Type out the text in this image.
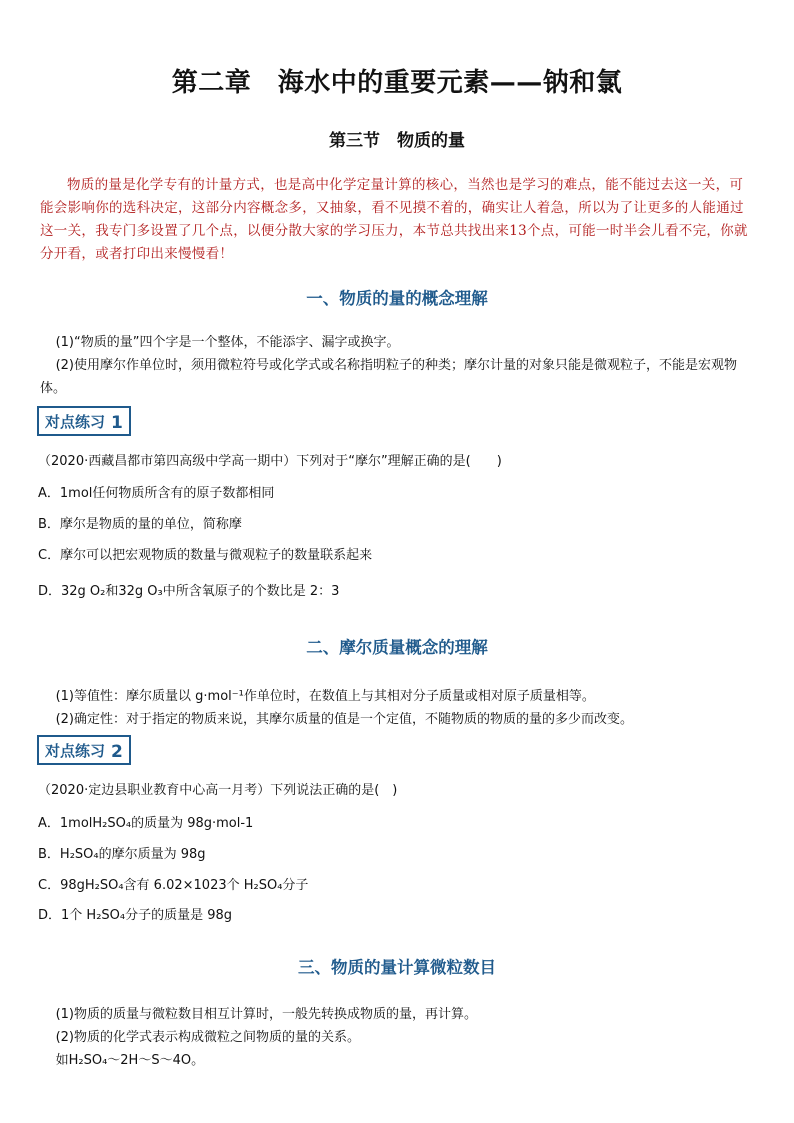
第二章　海水中的重要元素——钠和氯
第三节　物质的量
物质的量是化学专有的计量方式，也是高中化学定量计算的核心，当然也是学习的难点，能不能过去这一关，可能会影响你的选科决定，这部分内容概念多，又抽象，看不见摸不着的，确实让人着急，所以为了让更多的人能通过这一关，我专门多设置了几个点，以便分散大家的学习压力，本节总共找出来13个点，可能一时半会儿看不完，你就分开看，或者打印出来慢慢看！
一、物质的量的概念理解
(1)“物质的量”四个字是一个整体，不能添字、漏字或换字。
(2)使用摩尔作单位时，须用微粒符号或化学式或名称指明粒子的种类；摩尔计量的对象只能是微观粒子，不能是宏观物体。
对点练习 1
（2020·西藏昌都市第四高级中学高一期中）下列对于“摩尔”理解正确的是(　　)
A．1mol任何物质所含有的原子数都相同
B．摩尔是物质的量的单位，简称摩
C．摩尔可以把宏观物质的数量与微观粒子的数量联系起来
D．32g O₂和32g O₃中所含氧原子的个数比是 2：3
二、摩尔质量概念的理解
(1)等值性：摩尔质量以 g·mol⁻¹作单位时，在数值上与其相对分子质量或相对原子质量相等。
(2)确定性：对于指定的物质来说，其摩尔质量的值是一个定值，不随物质的物质的量的多少而改变。
对点练习 2
（2020·定边县职业教育中心高一月考）下列说法正确的是(　)
A．1molH₂SO₄的质量为 98g·mol-1
B．H₂SO₄的摩尔质量为 98g
C．98gH₂SO₄含有 6.02×1023个 H₂SO₄分子
D．1个 H₂SO₄分子的质量是 98g
三、物质的量计算微粒数目
(1)物质的质量与微粒数目相互计算时，一般先转换成物质的量，再计算。
(2)物质的化学式表示构成微粒之间物质的量的关系。
如H₂SO₄～2H～S～4O。
